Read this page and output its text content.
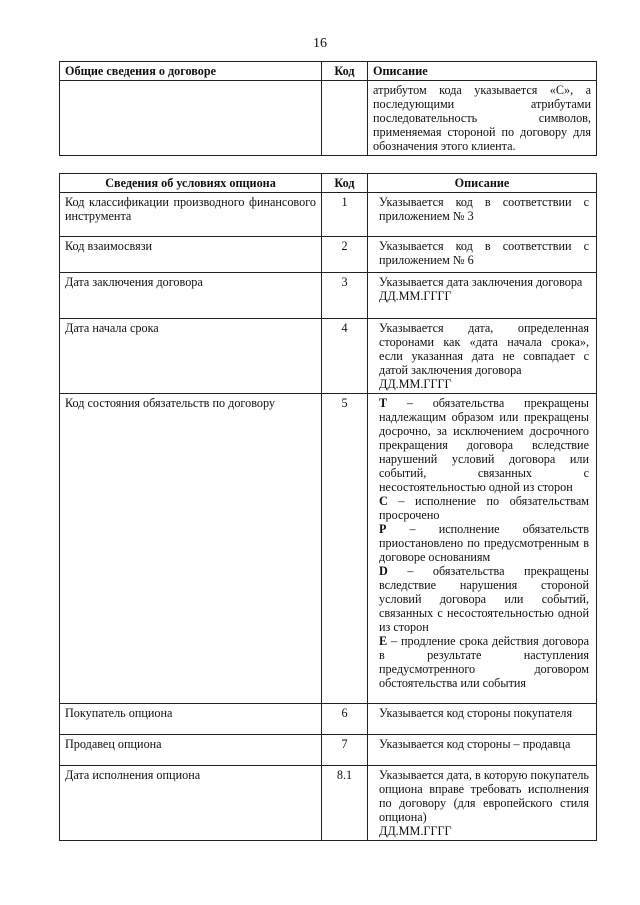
16
Общие сведения о договоре	Код	Описание
		атрибутом кода указывается «С», а последующими атрибутами последовательность символов, применяемая стороной по договору для обозначения этого клиента.
Сведения об условиях опциона	Код	Описание
Код классификации производного финансового инструмента	1	Указывается код в соответствии с приложением № 3
Код взаимосвязи	2	Указывается код в соответствии с приложением № 6
Дата заключения договора	3	Указывается дата заключения договора
ДД.ММ.ГГГГ

Дата начала срока	4	Указывается дата, определенная сторонами как «дата начала срока», если указанная дата не совпадает с датой заключения договора
ДД.ММ.ГГГГ

Код состояния обязательств по договору	5	T – обязательства прекращены надлежащим образом или прекращены досрочно, за исключением досрочного прекращения договора вследствие нарушений условий договора или событий, связанных с несостоятельностью одной из сторон
C – исполнение по обязательствам просрочено
P – исполнение обязательств приостановлено по предусмотренным в договоре основаниям
D – обязательства прекращены вследствие нарушения стороной условий договора или событий, связанных с несостоятельностью одной из сторон
E – продление срока действия договора в результате наступления предусмотренного договором обстоятельства или события

Покупатель опциона	6	Указывается код стороны покупателя
Продавец опциона	7	Указывается код стороны – продавца
Дата исполнения опциона	8.1	Указывается дата, в которую покупатель опциона вправе требовать исполнения по договору (для европейского стиля опциона)
ДД.ММ.ГГГГ
